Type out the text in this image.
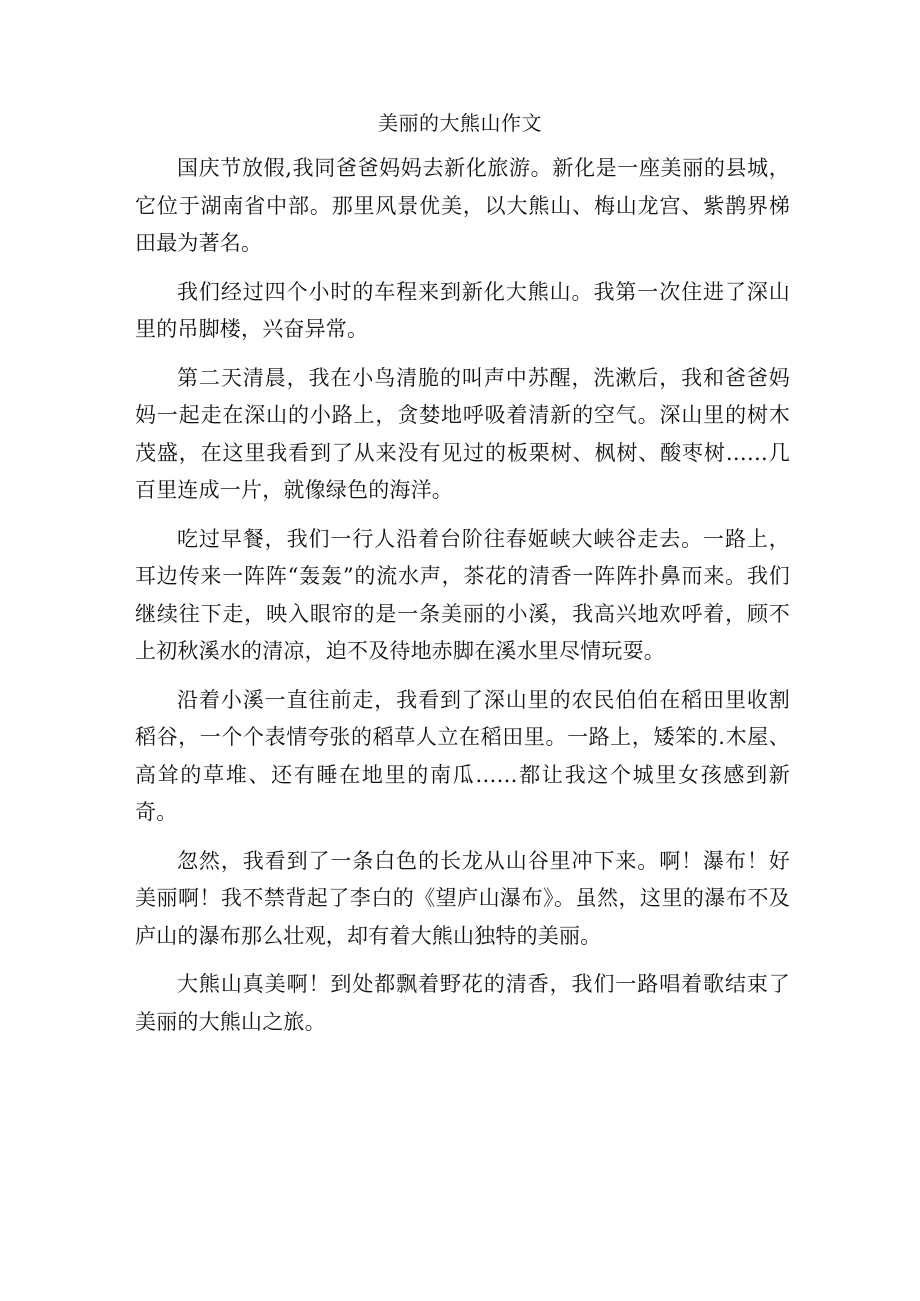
美丽的大熊山作文

国庆节放假,我同爸爸妈妈去新化旅游。新化是一座美丽的县城，它位于湖南省中部。那里风景优美，以大熊山、梅山龙宫、紫鹊界梯田最为著名。

我们经过四个小时的车程来到新化大熊山。我第一次住进了深山里的吊脚楼，兴奋异常。

第二天清晨，我在小鸟清脆的叫声中苏醒，洗漱后，我和爸爸妈妈一起走在深山的小路上，贪婪地呼吸着清新的空气。深山里的树木茂盛，在这里我看到了从来没有见过的板栗树、枫树、酸枣树……几百里连成一片，就像绿色的海洋。

吃过早餐，我们一行人沿着台阶往春姬峡大峡谷走去。一路上，耳边传来一阵阵“轰轰”的流水声，茶花的清香一阵阵扑鼻而来。我们继续往下走，映入眼帘的是一条美丽的小溪，我高兴地欢呼着，顾不上初秋溪水的清凉，迫不及待地赤脚在溪水里尽情玩耍。

沿着小溪一直往前走，我看到了深山里的农民伯伯在稻田里收割稻谷，一个个表情夸张的稻草人立在稻田里。一路上，矮笨的.木屋、高耸的草堆、还有睡在地里的南瓜……都让我这个城里女孩感到新奇。

忽然，我看到了一条白色的长龙从山谷里冲下来。啊！瀑布！好美丽啊！我不禁背起了李白的《望庐山瀑布》。虽然，这里的瀑布不及庐山的瀑布那么壮观，却有着大熊山独特的美丽。

大熊山真美啊！到处都飘着野花的清香，我们一路唱着歌结束了美丽的大熊山之旅。
